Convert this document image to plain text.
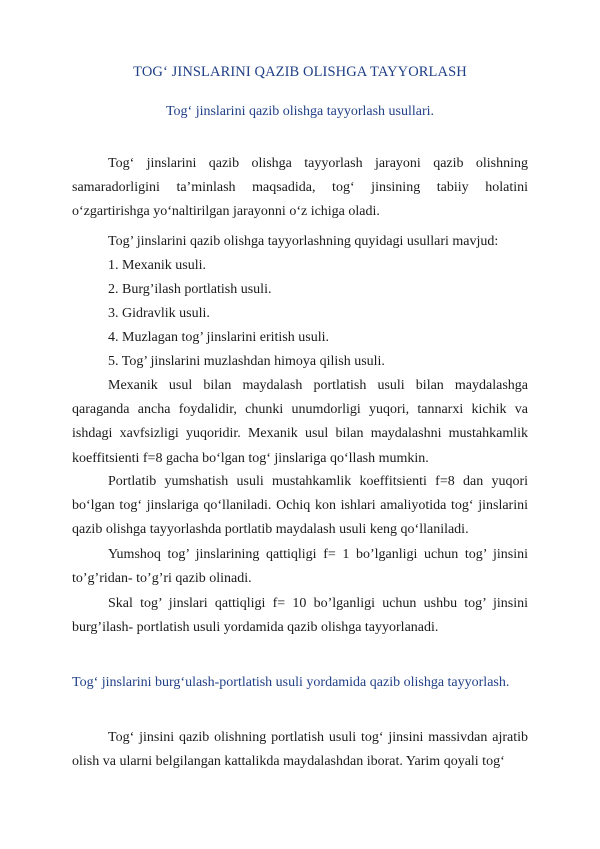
TOG‘ JINSLARINI QAZIB OLISHGA TAYYORLASH
Tog‘ jinslarini qazib olishga tayyorlash usullari.

Tog‘ jinslarini qazib olishga tayyorlash jarayoni qazib olishning samaradorligini ta’minlash maqsadida, tog‘ jinsining tabiiy holatini o‘zgartirishga yo‘naltirilgan jarayonni o‘z ichiga oladi.

Tog’ jinslarini qazib olishga tayyorlashning quyidagi usullari mavjud:

1. Mexanik usuli.

2. Burg’ilash portlatish usuli.

3. Gidravlik usuli.

4. Muzlagan tog’ jinslarini eritish usuli.

5. Tog’ jinslarini muzlashdan himoya qilish usuli.

Mexanik usul bilan maydalash portlatish usuli bilan maydalashga qaraganda ancha foydalidir, chunki unumdorligi yuqori, tannarxi kichik va ishdagi xavfsizligi yuqoridir. Mexanik usul bilan maydalashni mustahkamlik koeffitsienti f=8 gacha bo‘lgan tog‘ jinslariga qo‘llash mumkin.

Portlatib yumshatish usuli mustahkamlik koeffitsienti f=8 dan yuqori bo‘lgan tog‘ jinslariga qo‘llaniladi. Ochiq kon ishlari amaliyotida tog‘ jinslarini qazib olishga tayyorlashda portlatib maydalash usuli keng qo‘llaniladi.

Yumshoq tog’ jinslarining qattiqligi f= 1 bo’lganligi uchun tog’ jinsini to’g’ridan- to’g’ri qazib olinadi.

Skal tog’ jinslari qattiqligi f= 10 bo’lganligi uchun ushbu tog’ jinsini burg’ilash- portlatish usuli yordamida qazib olishga tayyorlanadi.

Tog‘ jinslarini burg‘ulash-portlatish usuli yordamida qazib olishga tayyorlash.

Tog‘ jinsini qazib olishning portlatish usuli tog‘ jinsini massivdan ajratib olish va ularni belgilangan kattalikda maydalashdan iborat. Yarim qoyali tog‘
